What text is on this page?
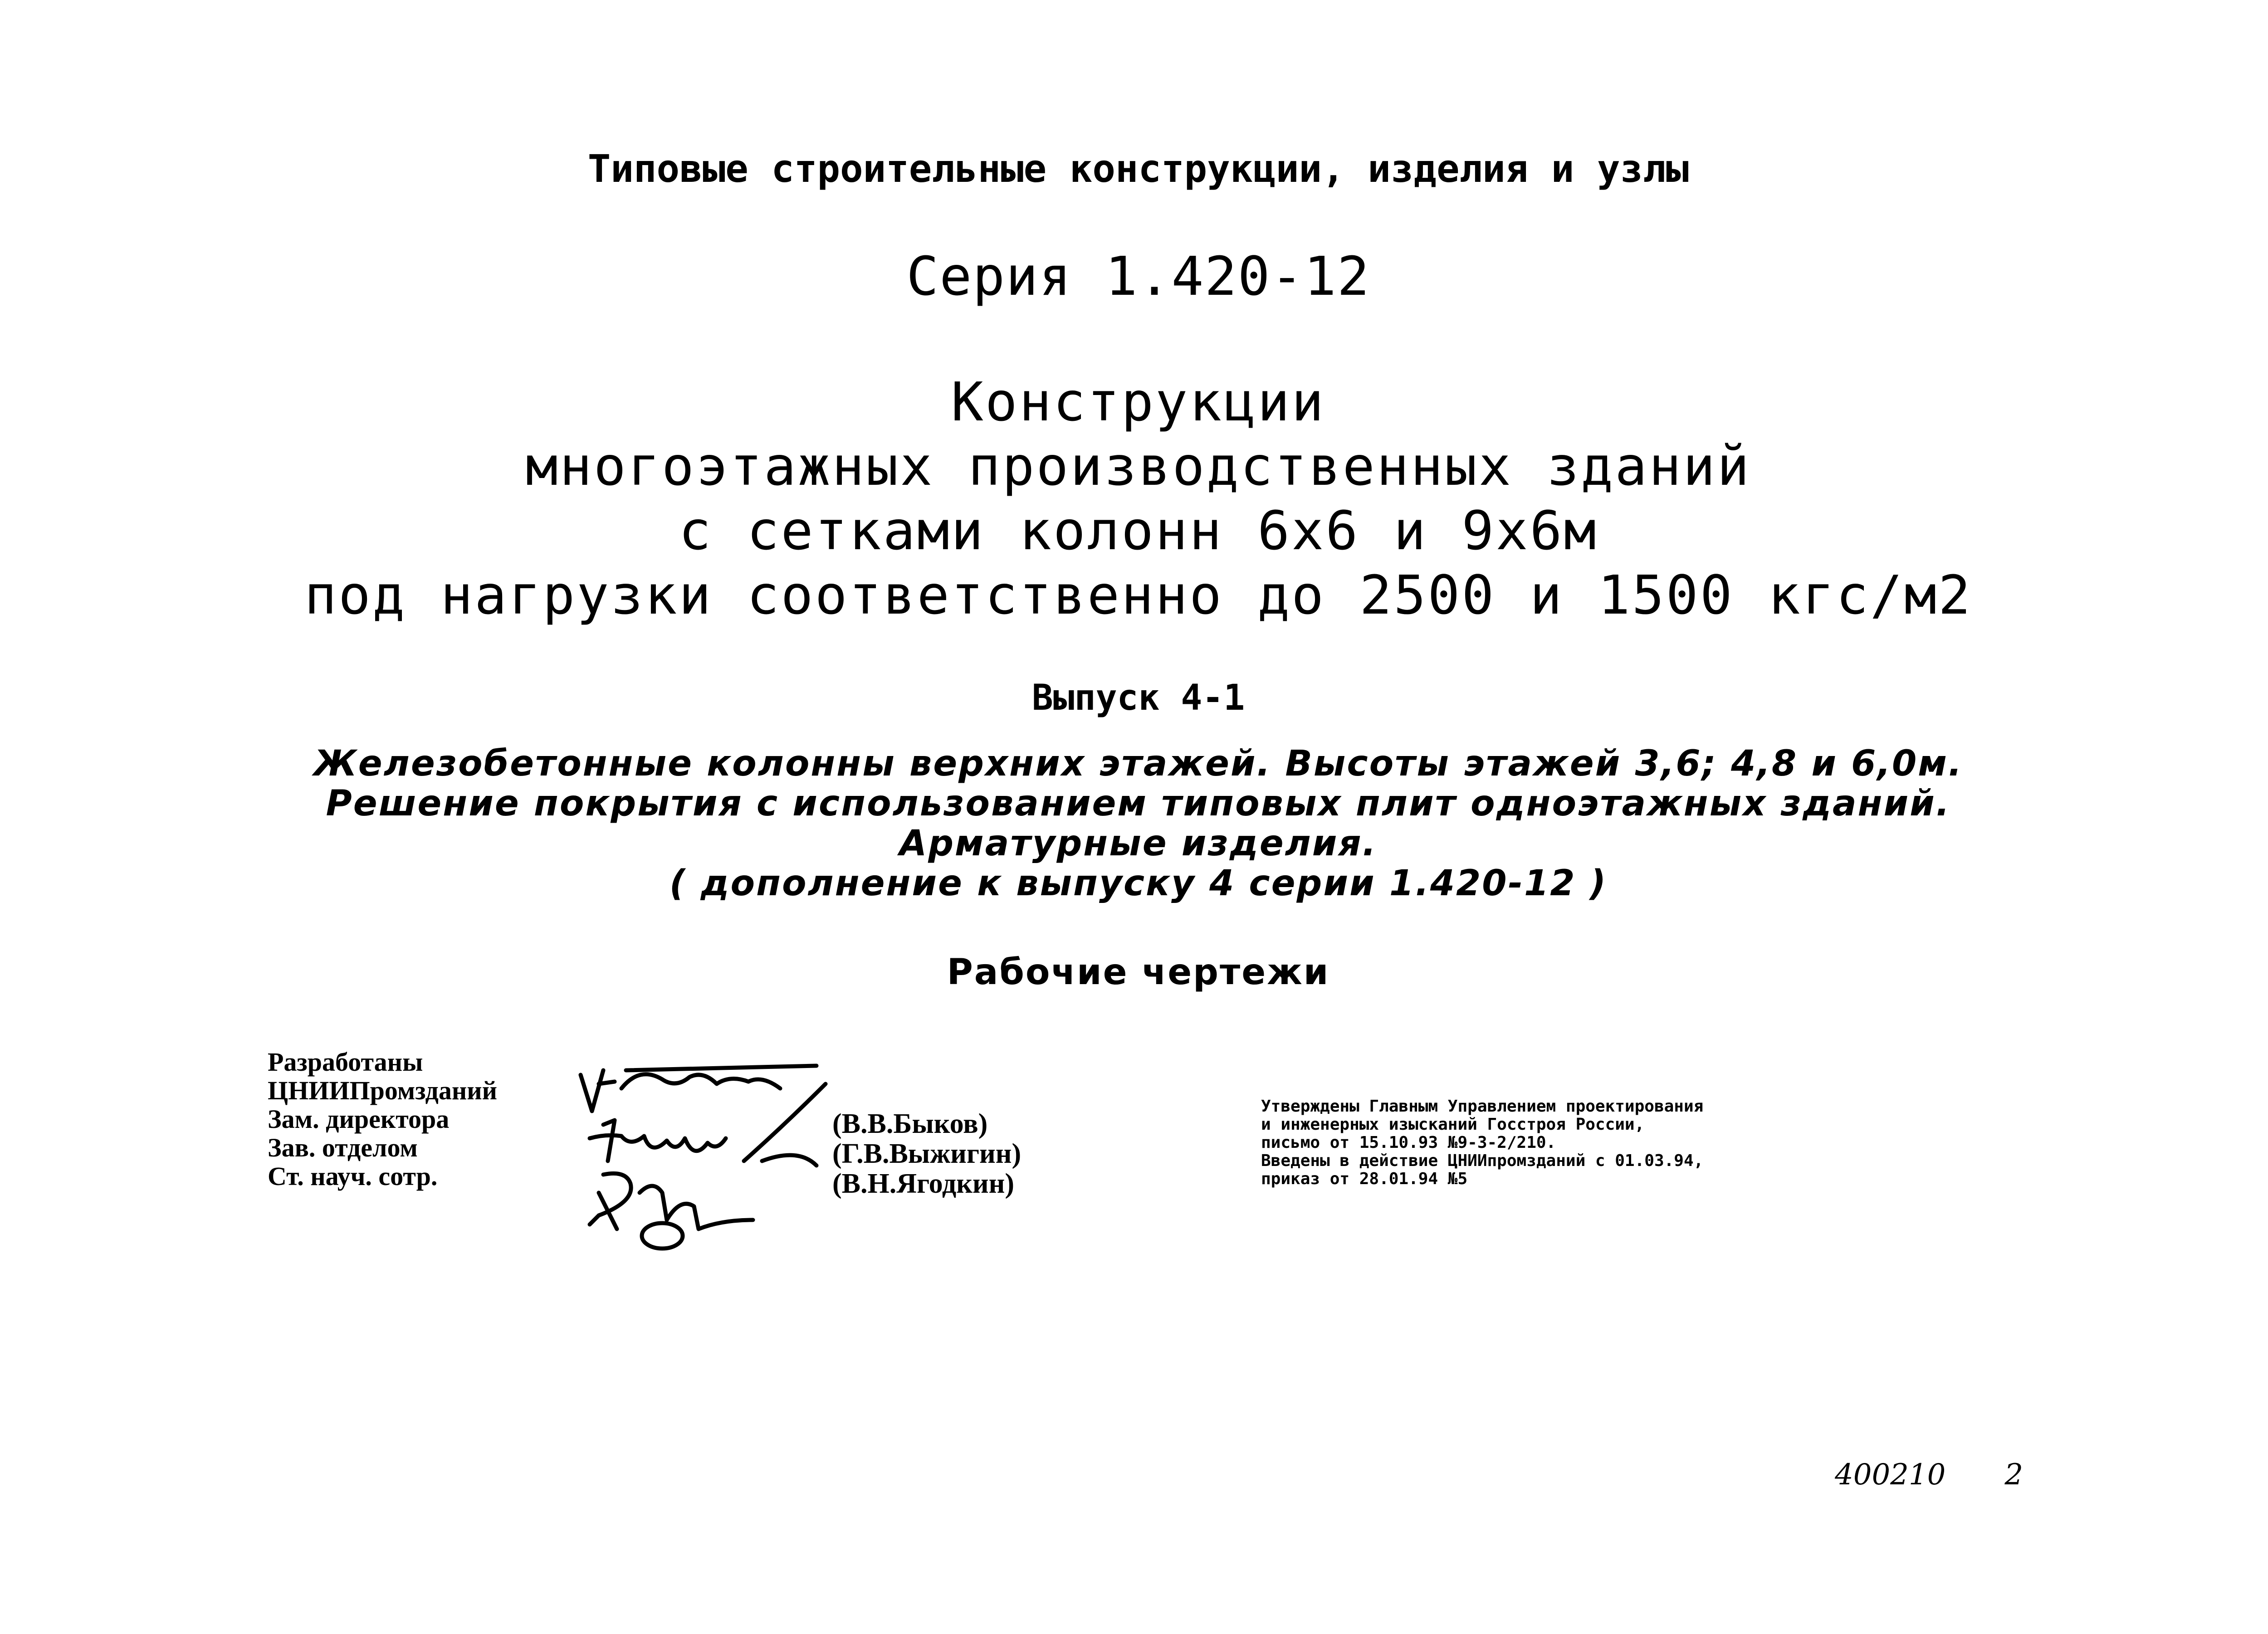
Типовые строительные конструкции, изделия и узлы
Серия 1.420-12
Конструкции
многоэтажных производственных зданий
с сетками колонн 6x6 и 9x6м
под нагрузки соответственно до 2500 и 1500 кгс/м2
Выпуск 4-1
Железобетонные колонны верхних этажей. Высоты этажей 3,6; 4,8 и 6,0м.
Решение покрытия с использованием типовых плит одноэтажных зданий.
Арматурные изделия.
( дополнение к выпуску 4 серии 1.420-12 )
Рабочие чертежи
Разработаны
ЦНИИПромзданий
Зам. директора
Зав. отделом
Ст. науч. сотр.
(В.В.Быков)
(Г.В.Выжигин)
(В.Н.Ягодкин)
Утверждены Главным Управлением проектирования
и инженерных изысканий Госстроя России,
письмо от 15.10.93 №9-3-2/210.
Введены в действие ЦНИИпромзданий с 01.03.94,
приказ от 28.01.94 №5
400210 2
